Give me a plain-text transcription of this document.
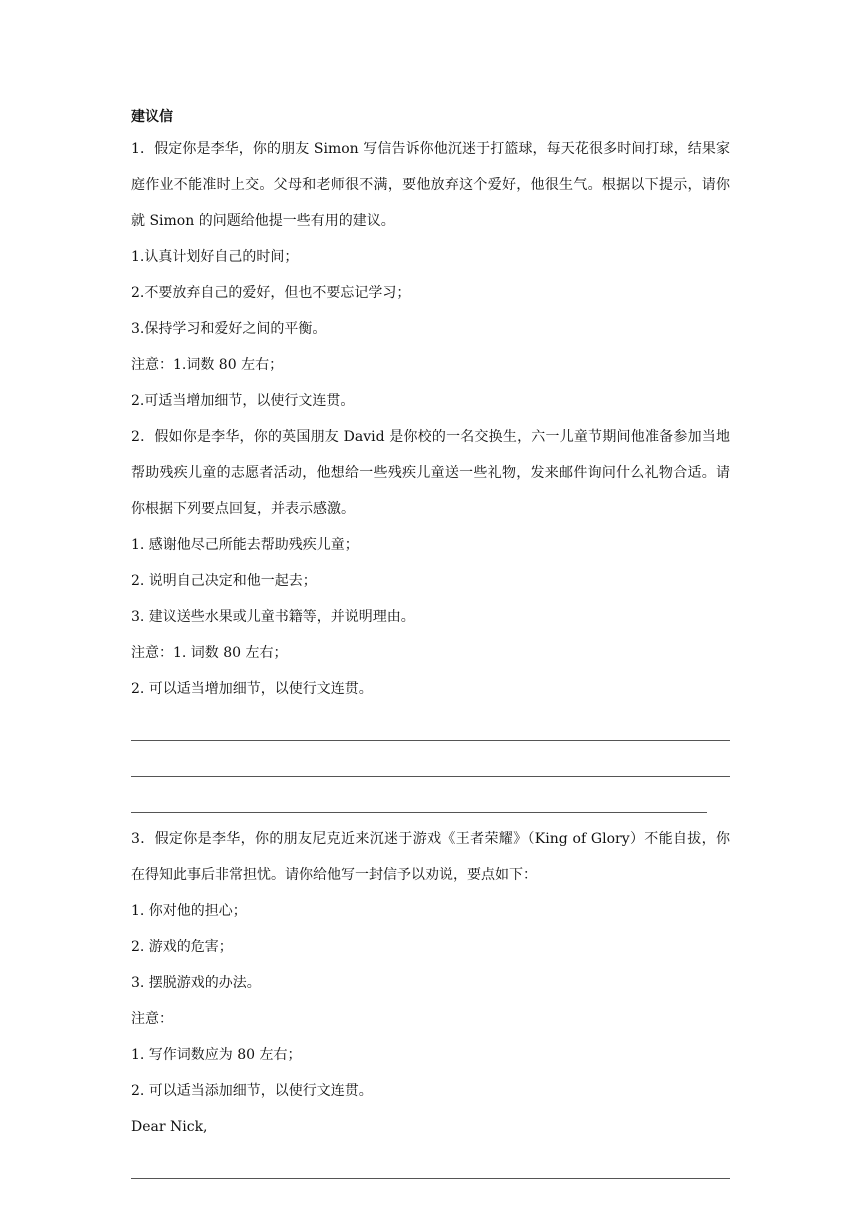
建议信

1．假定你是李华，你的朋友 Simon 写信告诉你他沉迷于打篮球，每天花很多时间打球，结果家庭作业不能准时上交。父母和老师很不满，要他放弃这个爱好，他很生气。根据以下提示，请你就 Simon 的问题给他提一些有用的建议。

1.认真计划好自己的时间；

2.不要放弃自己的爱好，但也不要忘记学习；

3.保持学习和爱好之间的平衡。

注意：1.词数 80 左右；

2.可适当增加细节，以使行文连贯。

2．假如你是李华，你的英国朋友 David 是你校的一名交换生，六一儿童节期间他准备参加当地帮助残疾儿童的志愿者活动，他想给一些残疾儿童送一些礼物，发来邮件询问什么礼物合适。请你根据下列要点回复，并表示感激。

1. 感谢他尽己所能去帮助残疾儿童；

2. 说明自己决定和他一起去；

3. 建议送些水果或儿童书籍等，并说明理由。

注意：1. 词数 80 左右；

2. 可以适当增加细节，以使行文连贯。

3．假定你是李华，你的朋友尼克近来沉迷于游戏《王者荣耀》（King of Glory）不能自拔，你在得知此事后非常担忧。请你给他写一封信予以劝说，要点如下：

1. 你对他的担心；

2. 游戏的危害；

3. 摆脱游戏的办法。

注意：

1. 写作词数应为 80 左右；

2. 可以适当添加细节，以使行文连贯。

Dear Nick,
